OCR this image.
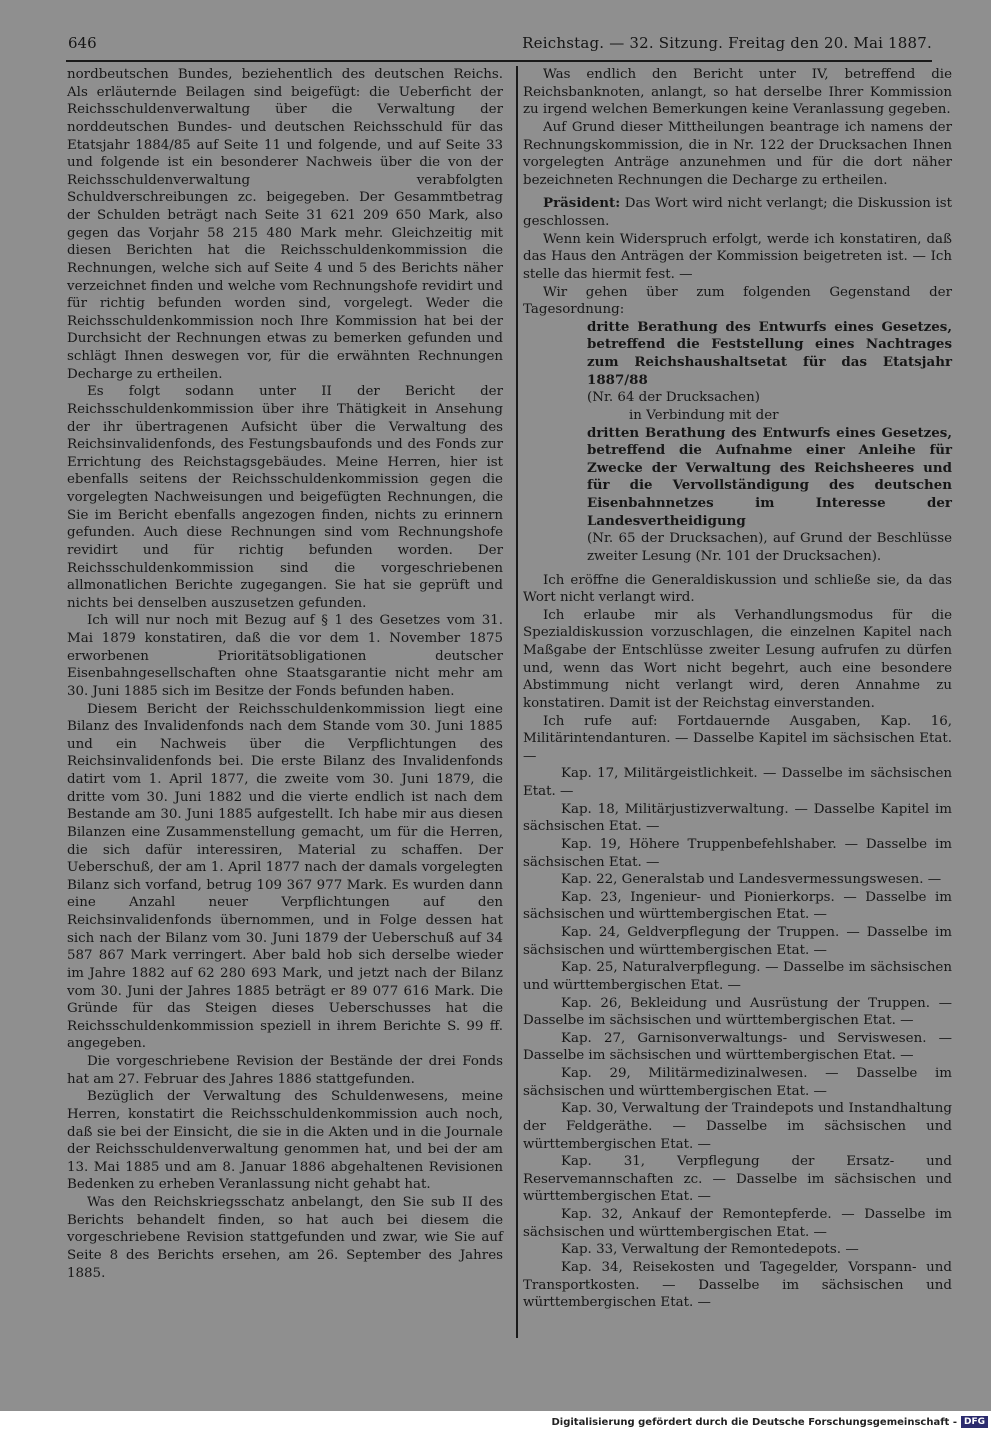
646	Reichstag. — 32. Sitzung. Freitag den 20. Mai 1887.

nordbeutschen Bundes, beziehentlich des deutschen Reichs. Als erläuternde Beilagen sind beigefügt: die Ueberficht der Reichsschuldenverwaltung über die Verwaltung der norddeutschen Bundes- und deutschen Reichsschuld für das Etatsjahr 1884/85 auf Seite 11 und folgende, und auf Seite 33 und folgende ist ein besonderer Nachweis über die von der Reichsschuldenverwaltung verabfolgten Schuldverschreibungen zc. beigegeben. Der Gesammtbetrag der Schulden beträgt nach Seite 31 621 209 650 Mark, also gegen das Vorjahr 58 215 480 Mark mehr. Gleichzeitig mit diesen Berichten hat die Reichsschuldenkommission die Rechnungen, welche sich auf Seite 4 und 5 des Berichts näher verzeichnet finden und welche vom Rechnungshofe revidirt und für richtig befunden worden sind, vorgelegt. Weder die Reichsschuldenkommission noch Ihre Kommission hat bei der Durchsicht der Rechnungen etwas zu bemerken gefunden und schlägt Ihnen deswegen vor, für die erwähnten Rechnungen Decharge zu ertheilen.

Es folgt sodann unter II der Bericht der Reichsschuldenkommission über ihre Thätigkeit in Ansehung der ihr übertragenen Aufsicht über die Verwaltung des Reichsinvalidenfonds, des Festungsbaufonds und des Fonds zur Errichtung des Reichstagsgebäudes. Meine Herren, hier ist ebenfalls seitens der Reichsschuldenkommission gegen die vorgelegten Nachweisungen und beigefügten Rechnungen, die Sie im Bericht ebenfalls angezogen finden, nichts zu erinnern gefunden. Auch diese Rechnungen sind vom Rechnungshofe revidirt und für richtig befunden worden. Der Reichsschuldenkommission sind die vorgeschriebenen allmonatlichen Berichte zugegangen. Sie hat sie geprüft und nichts bei denselben auszusetzen gefunden.

Ich will nur noch mit Bezug auf § 1 des Gesetzes vom 31. Mai 1879 konstatiren, daß die vor dem 1. November 1875 erworbenen Prioritätsobligationen deutscher Eisenbahngesellschaften ohne Staatsgarantie nicht mehr am 30. Juni 1885 sich im Besitze der Fonds befunden haben.

Diesem Bericht der Reichsschuldenkommission liegt eine Bilanz des Invalidenfonds nach dem Stande vom 30. Juni 1885 und ein Nachweis über die Verpflichtungen des Reichsinvalidenfonds bei. Die erste Bilanz des Invalidenfonds datirt vom 1. April 1877, die zweite vom 30. Juni 1879, die dritte vom 30. Juni 1882 und die vierte endlich ist nach dem Bestande am 30. Juni 1885 aufgestellt. Ich habe mir aus diesen Bilanzen eine Zusammenstellung gemacht, um für die Herren, die sich dafür interessiren, Material zu schaffen. Der Ueberschuß, der am 1. April 1877 nach der damals vorgelegten Bilanz sich vorfand, betrug 109 367 977 Mark. Es wurden dann eine Anzahl neuer Verpflichtungen auf den Reichsinvalidenfonds übernommen, und in Folge dessen hat sich nach der Bilanz vom 30. Juni 1879 der Ueberschuß auf 34 587 867 Mark verringert. Aber bald hob sich derselbe wieder im Jahre 1882 auf 62 280 693 Mark, und jetzt nach der Bilanz vom 30. Juni der Jahres 1885 beträgt er 89 077 616 Mark. Die Gründe für das Steigen dieses Ueberschusses hat die Reichsschuldenkommission speziell in ihrem Berichte S. 99 ff. angegeben.

Die vorgeschriebene Revision der Bestände der drei Fonds hat am 27. Februar des Jahres 1886 stattgefunden.

Bezüglich der Verwaltung des Schuldenwesens, meine Herren, konstatirt die Reichsschuldenkommission auch noch, daß sie bei der Einsicht, die sie in die Akten und in die Journale der Reichsschuldenverwaltung genommen hat, und bei der am 13. Mai 1885 und am 8. Januar 1886 abgehaltenen Revisionen Bedenken zu erheben Veranlassung nicht gehabt hat.

Was den Reichskriegsschatz anbelangt, den Sie sub II des Berichts behandelt finden, so hat auch bei diesem die vorgeschriebene Revision stattgefunden und zwar, wie Sie auf Seite 8 des Berichts ersehen, am 26. September des Jahres 1885.

Was endlich den Bericht unter IV, betreffend die Reichsbanknoten, anlangt, so hat derselbe Ihrer Kommission zu irgend welchen Bemerkungen keine Veranlassung gegeben.

Auf Grund dieser Mittheilungen beantrage ich namens der Rechnungskommission, die in Nr. 122 der Drucksachen Ihnen vorgelegten Anträge anzunehmen und für die dort näher bezeichneten Rechnungen die Decharge zu ertheilen.

Präsident: Das Wort wird nicht verlangt; die Diskussion ist geschlossen.

Wenn kein Widerspruch erfolgt, werde ich konstatiren, daß das Haus den Anträgen der Kommission beigetreten ist. — Ich stelle das hiermit fest. —

Wir gehen über zum folgenden Gegenstand der Tagesordnung:

dritte Berathung des Entwurfs eines Gesetzes, betreffend die Feststellung eines Nachtrages zum Reichshaushaltsetat für das Etatsjahr 1887/88
(Nr. 64 der Drucksachen)
in Verbindung mit der
dritten Berathung des Entwurfs eines Gesetzes, betreffend die Aufnahme einer Anleihe für Zwecke der Verwaltung des Reichsheeres und für die Vervollständigung des deutschen Eisenbahnnetzes im Interesse der Landesvertheidigung
(Nr. 65 der Drucksachen), auf Grund der Beschlüsse zweiter Lesung (Nr. 101 der Drucksachen).

Ich eröffne die Generaldiskussion und schließe sie, da das Wort nicht verlangt wird.

Ich erlaube mir als Verhandlungsmodus für die Spezialdiskussion vorzuschlagen, die einzelnen Kapitel nach Maßgabe der Entschlüsse zweiter Lesung aufrufen zu dürfen und, wenn das Wort nicht begehrt, auch eine besondere Abstimmung nicht verlangt wird, deren Annahme zu konstatiren. Damit ist der Reichstag einverstanden.

Ich rufe auf: Fortdauernde Ausgaben, Kap. 16, Militärintendanturen. — Dasselbe Kapitel im sächsischen Etat. —

Kap. 17, Militärgeistlichkeit. — Dasselbe im sächsischen Etat. —

Kap. 18, Militärjustizverwaltung. — Dasselbe Kapitel im sächsischen Etat. —

Kap. 19, Höhere Truppenbefehlshaber. — Dasselbe im sächsischen Etat. —

Kap. 22, Generalstab und Landesvermessungswesen. —

Kap. 23, Ingenieur- und Pionierkorps. — Dasselbe im sächsischen und württembergischen Etat. —

Kap. 24, Geldverpflegung der Truppen. — Dasselbe im sächsischen und württembergischen Etat. —

Kap. 25, Naturalverpflegung. — Dasselbe im sächsischen und württembergischen Etat. —

Kap. 26, Bekleidung und Ausrüstung der Truppen. — Dasselbe im sächsischen und württembergischen Etat. —

Kap. 27, Garnisonverwaltungs- und Serviswesen. — Dasselbe im sächsischen und württembergischen Etat. —

Kap. 29, Militärmedizinalwesen. — Dasselbe im sächsischen und württembergischen Etat. —

Kap. 30, Verwaltung der Traindepots und Instandhaltung der Feldgeräthe. — Dasselbe im sächsischen und württembergischen Etat. —

Kap. 31, Verpflegung der Ersatz- und Reservemannschaften zc. — Dasselbe im sächsischen und württembergischen Etat. —

Kap. 32, Ankauf der Remontepferde. — Dasselbe im sächsischen und württembergischen Etat. —

Kap. 33, Verwaltung der Remontedepots. —

Kap. 34, Reisekosten und Tagegelder, Vorspann- und Transportkosten. — Dasselbe im sächsischen und württembergischen Etat. —

Digitalisierung gefördert durch die Deutsche Forschungsgemeinschaft - DFG
